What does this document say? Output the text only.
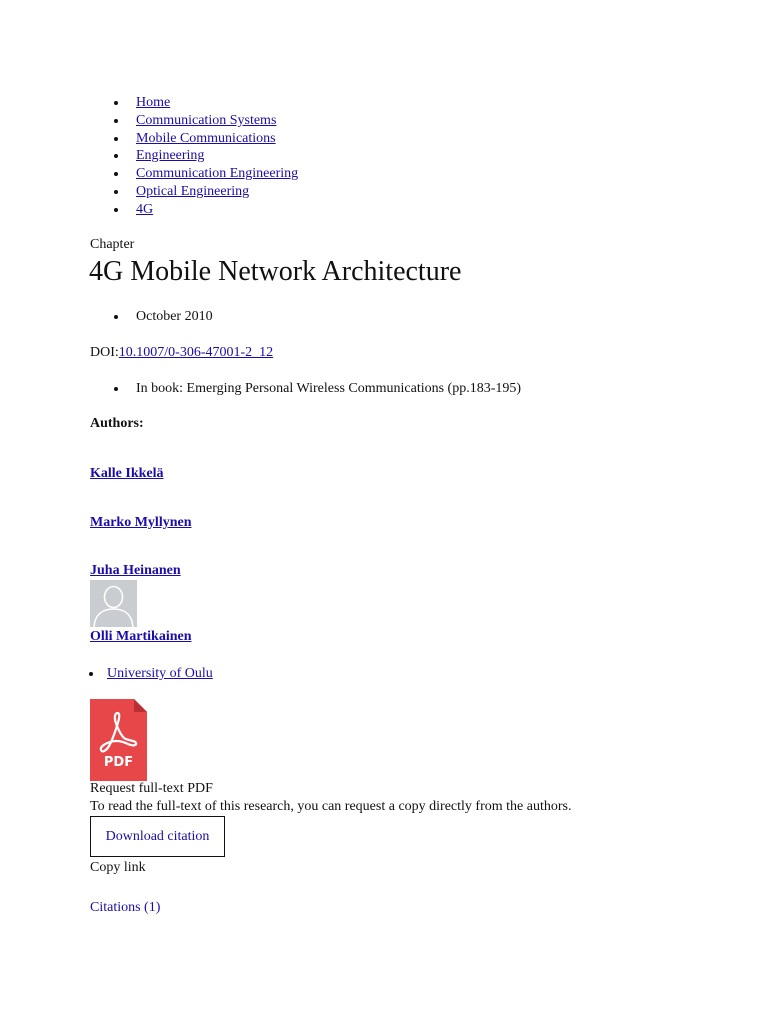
Home
Communication Systems
Mobile Communications
Engineering
Communication Engineering
Optical Engineering
4G
Chapter
4G Mobile Network Architecture
October 2010
DOI:10.1007/0-306-47001-2_12
In book: Emerging Personal Wireless Communications (pp.183-195)
Authors:
Kalle Ikkelä
Marko Myllynen
Juha Heinanen
Olli Martikainen
University of Oulu
PDF
Request full-text PDF
To read the full-text of this research, you can request a copy directly from the authors.
Download citation
Copy link
Citations (1)
